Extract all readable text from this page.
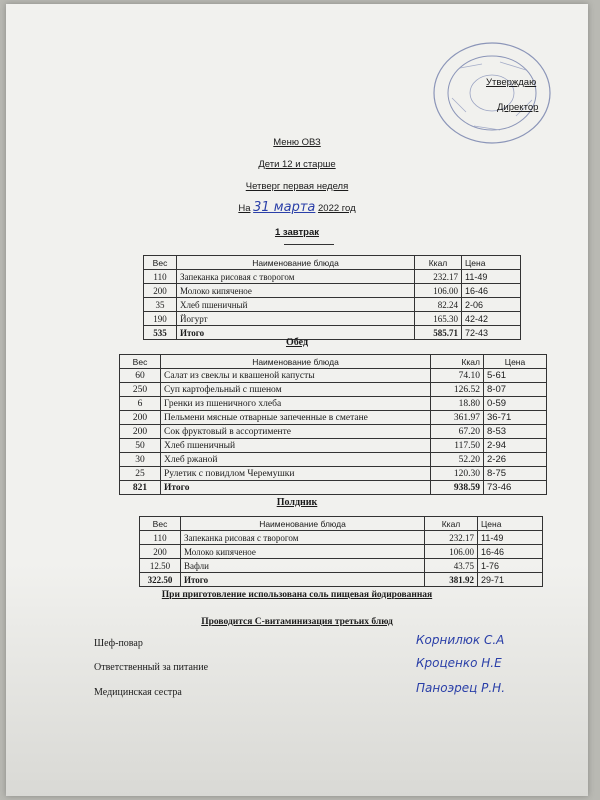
Утверждаю
Директор
Меню ОВЗ
Дети 12 и старше
Четверг первая неделя
На 31 марта 2022 год
1 завтрак
Вес	Наименование блюда	Ккал	Цена
110	Запеканка рисовая с творогом	232.17	11-49
200	Молоко кипяченое	106.00	16-46
35	Хлеб пшеничный	82.24	2-06
190	Йогурт	165.30	42-42
535	Итого	585.71	72-43
Обед
Вес	Наименование блюда	Ккал	Цена
60	Салат из свеклы и квашеной капусты	74.10	5-61
250	Суп картофельный с пшеном	126.52	8-07
6	Гренки из пшеничного хлеба	18.80	0-59
200	Пельмени мясные отварные запеченные в сметане	361.97	36-71
200	Сок фруктовый в ассортименте	67.20	8-53
50	Хлеб пшеничный	117.50	2-94
30	Хлеб ржаной	52.20	2-26
25	Рулетик с повидлом Черемушки	120.30	8-75
821	Итого	938.59	73-46
Полдник
Вес	Наименование блюда	Ккал	Цена
110	Запеканка рисовая с творогом	232.17	11-49
200	Молоко кипяченое	106.00	16-46
12.50	Вафли	43.75	1-76
322.50	Итого	381.92	29-71
При приготовление использована соль пищевая йодированная
Проводится С-витаминизация третьих блюд
Шеф-повар	Корнилюк С.А
Ответственный за питание	Кроценко Н.Е
Медицинская сестра	Паноэрец Р.Н.
